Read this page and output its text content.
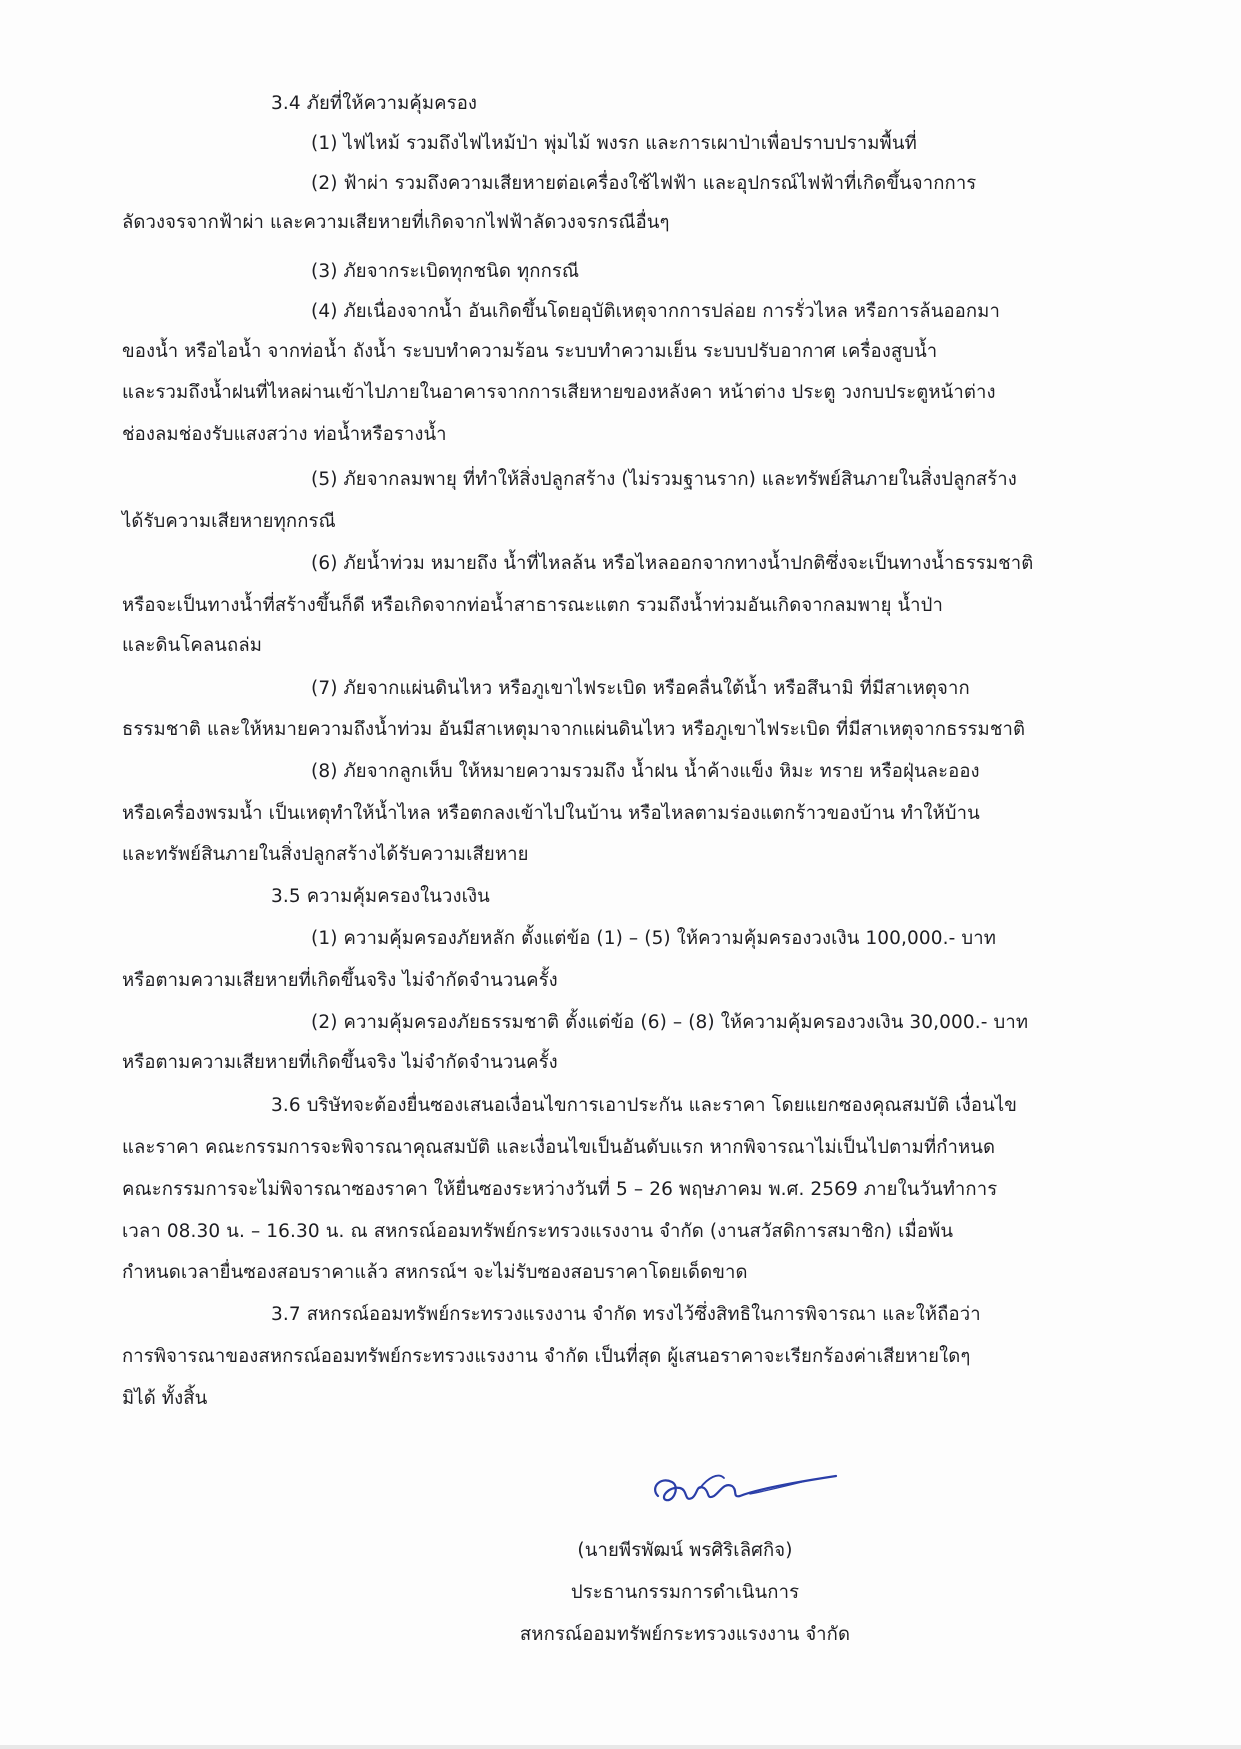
3.4 ภัยที่ให้ความคุ้มครอง
(1) ไฟไหม้ รวมถึงไฟไหม้ป่า พุ่มไม้ พงรก และการเผาป่าเพื่อปราบปรามพื้นที่
(2) ฟ้าผ่า รวมถึงความเสียหายต่อเครื่องใช้ไฟฟ้า และอุปกรณ์ไฟฟ้าที่เกิดขึ้นจากการ
ลัดวงจรจากฟ้าผ่า และความเสียหายที่เกิดจากไฟฟ้าลัดวงจรกรณีอื่นๆ
(3) ภัยจากระเบิดทุกชนิด ทุกกรณี
(4) ภัยเนื่องจากน้ำ อันเกิดขึ้นโดยอุบัติเหตุจากการปล่อย การรั่วไหล หรือการล้นออกมา
ของน้ำ หรือไอน้ำ จากท่อน้ำ ถังน้ำ ระบบทำความร้อน ระบบทำความเย็น ระบบปรับอากาศ เครื่องสูบน้ำ
และรวมถึงน้ำฝนที่ไหลผ่านเข้าไปภายในอาคารจากการเสียหายของหลังคา หน้าต่าง ประตู วงกบประตูหน้าต่าง
ช่องลมช่องรับแสงสว่าง ท่อน้ำหรือรางน้ำ
(5) ภัยจากลมพายุ ที่ทำให้สิ่งปลูกสร้าง (ไม่รวมฐานราก) และทรัพย์สินภายในสิ่งปลูกสร้าง
ได้รับความเสียหายทุกกรณี
(6) ภัยน้ำท่วม หมายถึง น้ำที่ไหลล้น หรือไหลออกจากทางน้ำปกติซึ่งจะเป็นทางน้ำธรรมชาติ
หรือจะเป็นทางน้ำที่สร้างขึ้นก็ดี หรือเกิดจากท่อน้ำสาธารณะแตก รวมถึงน้ำท่วมอันเกิดจากลมพายุ น้ำป่า
และดินโคลนถล่ม
(7) ภัยจากแผ่นดินไหว หรือภูเขาไฟระเบิด หรือคลื่นใต้น้ำ หรือสึนามิ ที่มีสาเหตุจาก
ธรรมชาติ และให้หมายความถึงน้ำท่วม อันมีสาเหตุมาจากแผ่นดินไหว หรือภูเขาไฟระเบิด ที่มีสาเหตุจากธรรมชาติ
(8) ภัยจากลูกเห็บ ให้หมายความรวมถึง น้ำฝน น้ำค้างแข็ง หิมะ ทราย หรือฝุ่นละออง
หรือเครื่องพรมน้ำ เป็นเหตุทำให้น้ำไหล หรือตกลงเข้าไปในบ้าน หรือไหลตามร่องแตกร้าวของบ้าน ทำให้บ้าน
และทรัพย์สินภายในสิ่งปลูกสร้างได้รับความเสียหาย
3.5 ความคุ้มครองในวงเงิน
(1) ความคุ้มครองภัยหลัก ตั้งแต่ข้อ (1) – (5) ให้ความคุ้มครองวงเงิน 100,000.- บาท
หรือตามความเสียหายที่เกิดขึ้นจริง ไม่จำกัดจำนวนครั้ง
(2) ความคุ้มครองภัยธรรมชาติ ตั้งแต่ข้อ (6) – (8) ให้ความคุ้มครองวงเงิน 30,000.- บาท
หรือตามความเสียหายที่เกิดขึ้นจริง ไม่จำกัดจำนวนครั้ง
3.6 บริษัทจะต้องยื่นซองเสนอเงื่อนไขการเอาประกัน และราคา โดยแยกซองคุณสมบัติ เงื่อนไข
และราคา คณะกรรมการจะพิจารณาคุณสมบัติ และเงื่อนไขเป็นอันดับแรก หากพิจารณาไม่เป็นไปตามที่กำหนด
คณะกรรมการจะไม่พิจารณาซองราคา ให้ยื่นซองระหว่างวันที่ 5 – 26 พฤษภาคม พ.ศ. 2569 ภายในวันทำการ
เวลา 08.30 น. – 16.30 น. ณ สหกรณ์ออมทรัพย์กระทรวงแรงงาน จำกัด (งานสวัสดิการสมาชิก) เมื่อพ้น
กำหนดเวลายื่นซองสอบราคาแล้ว สหกรณ์ฯ จะไม่รับซองสอบราคาโดยเด็ดขาด
3.7 สหกรณ์ออมทรัพย์กระทรวงแรงงาน จำกัด ทรงไว้ซึ่งสิทธิในการพิจารณา และให้ถือว่า
การพิจารณาของสหกรณ์ออมทรัพย์กระทรวงแรงงาน จำกัด เป็นที่สุด ผู้เสนอราคาจะเรียกร้องค่าเสียหายใดๆ
มิได้ ทั้งสิ้น
(นายพีรพัฒน์ พรศิริเลิศกิจ)
ประธานกรรมการดำเนินการ
สหกรณ์ออมทรัพย์กระทรวงแรงงาน จำกัด
